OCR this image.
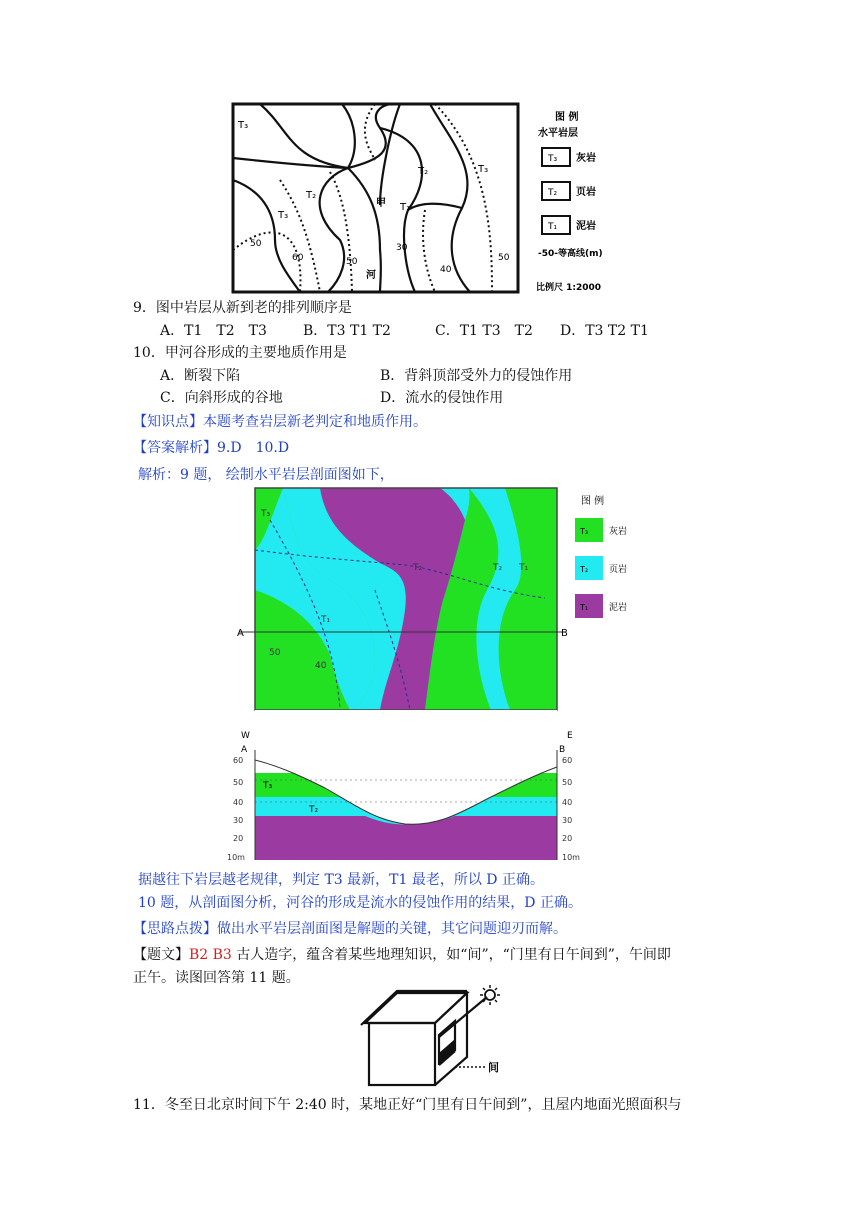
T₃
T₂
T₃
T₂
T₁
T₃
甲
河
50
60	50
30
40
50
图 例
水平岩层
T₃ 灰岩
T₂ 页岩
T₁ 泥岩
-50-等高线(m)
比例尺 1:2000
9．图中岩层从新到老的排列顺序是
A．T1　T2　T3	B．T3 T1 T2	C．T1 T3　T2 D．T3 T2 T1
10．甲河谷形成的主要地质作用是
A．断裂下陷	B．背斜顶部受外力的侵蚀作用
C．向斜形成的谷地	D．流水的侵蚀作用
【知识点】本题考查岩层新老判定和地质作用。
【答案解析】9.D　10.D
解析：9 题， 绘制水平岩层剖面图如下，
A	B
T₁
T₂
T₂	T₁
T₃
50
40
图 例
T₃ 灰岩
T₂ 页岩
T₁ 泥岩
W	E
A	B
60
50
40
30
20
10m
60
50
40
30
20
10m
T₃
T₂
据越往下岩层越老规律，判定 T3 最新，T1 最老，所以 D 正确。
10 题，从剖面图分析，河谷的形成是流水的侵蚀作用的结果，D 正确。
【思路点拨】做出水平岩层剖面图是解题的关键，其它问题迎刃而解。
【题文】B2 B3 古人造字，蕴含着某些地理知识，如“间”，“门里有日午间到”，午间即
正午。读图回答第 11 题。
间
11．冬至日北京时间下午 2:40 时，某地正好“门里有日午间到”，且屋内地面光照面积与
